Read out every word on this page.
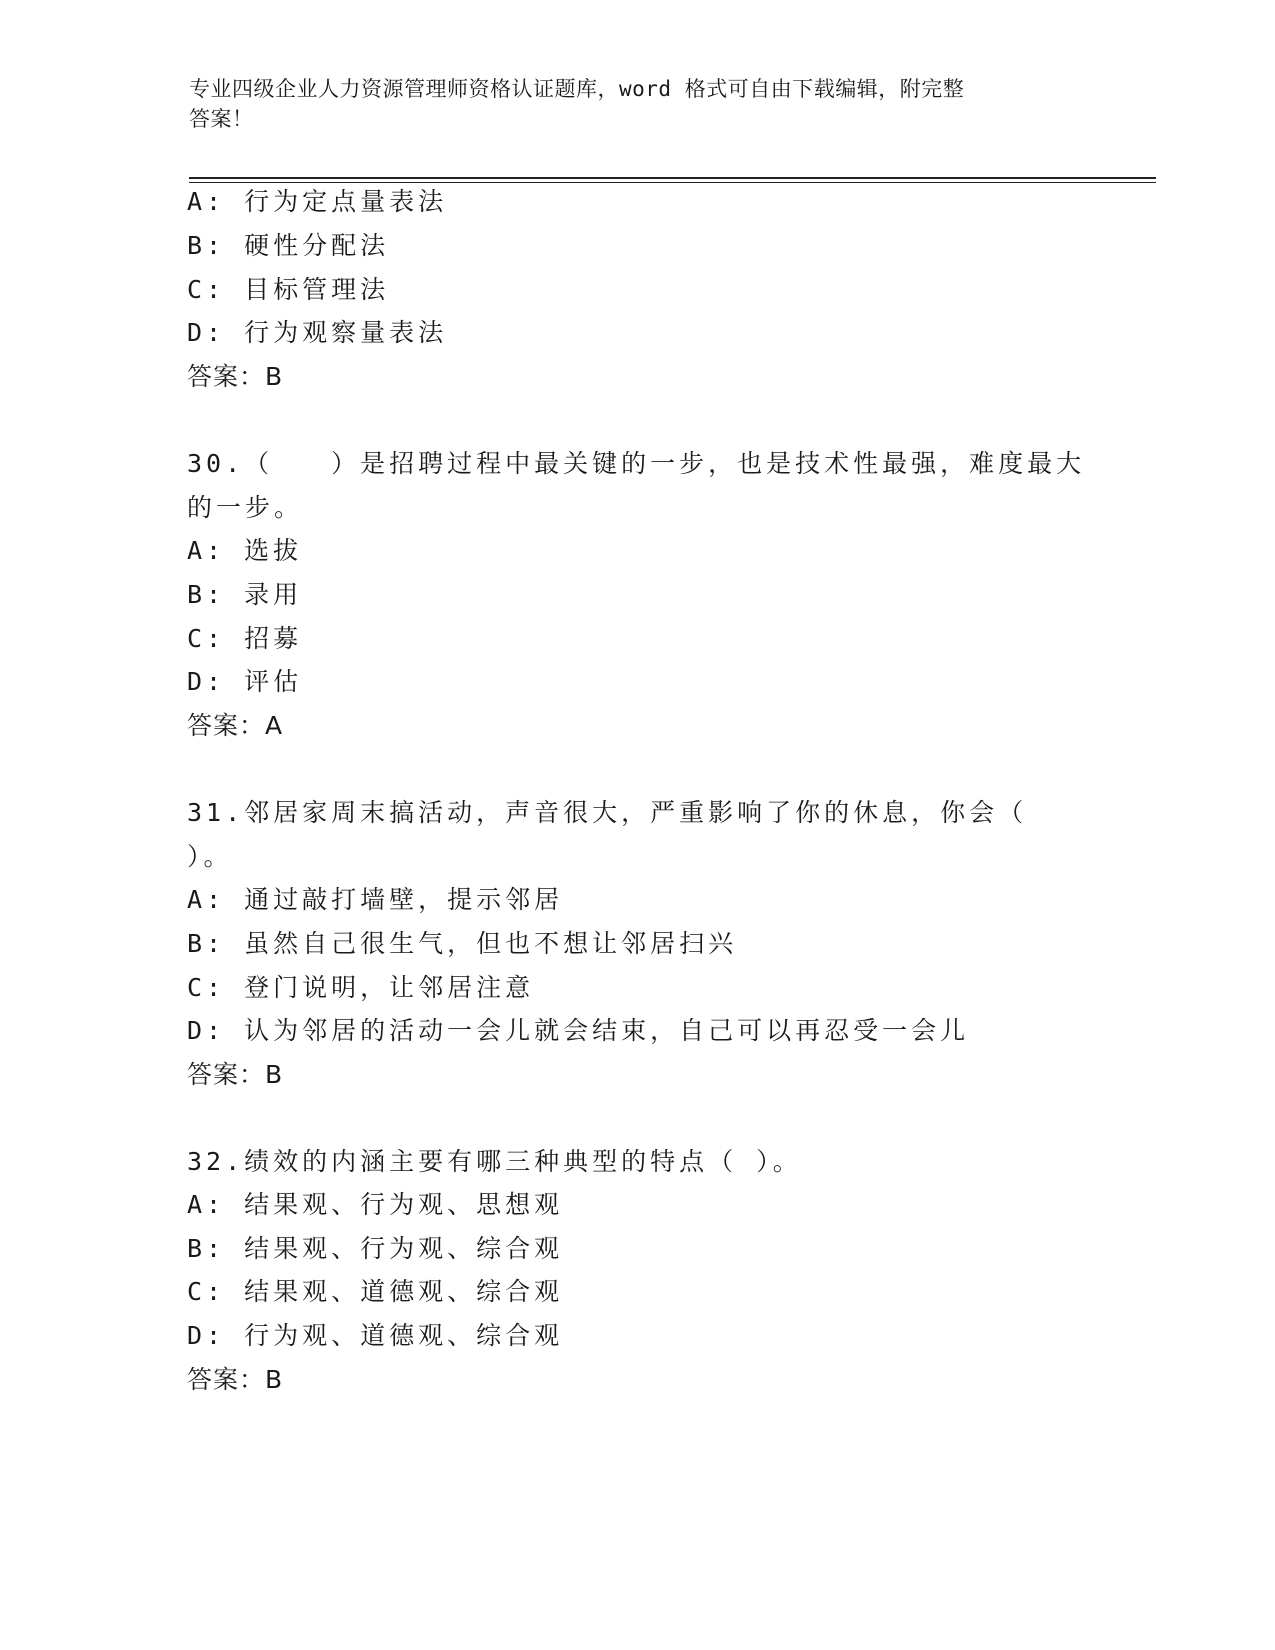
专业四级企业人力资源管理师资格认证题库，word 格式可自由下载编辑，附完整
答案！
A: 行为定点量表法
B: 硬性分配法
C: 目标管理法
D: 行为观察量表法
答案：B
30.（　　）是招聘过程中最关键的一步，也是技术性最强，难度最大
的一步。
A: 选拔
B: 录用
C: 招募
D: 评估
答案：A
31.邻居家周末搞活动，声音很大，严重影响了你的休息，你会（
）。
A: 通过敲打墙壁，提示邻居
B: 虽然自己很生气，但也不想让邻居扫兴
C: 登门说明，让邻居注意
D: 认为邻居的活动一会儿就会结束，自己可以再忍受一会儿
答案：B
32.绩效的内涵主要有哪三种典型的特点（ ）。
A: 结果观、行为观、思想观
B: 结果观、行为观、综合观
C: 结果观、道德观、综合观
D: 行为观、道德观、综合观
答案：B
